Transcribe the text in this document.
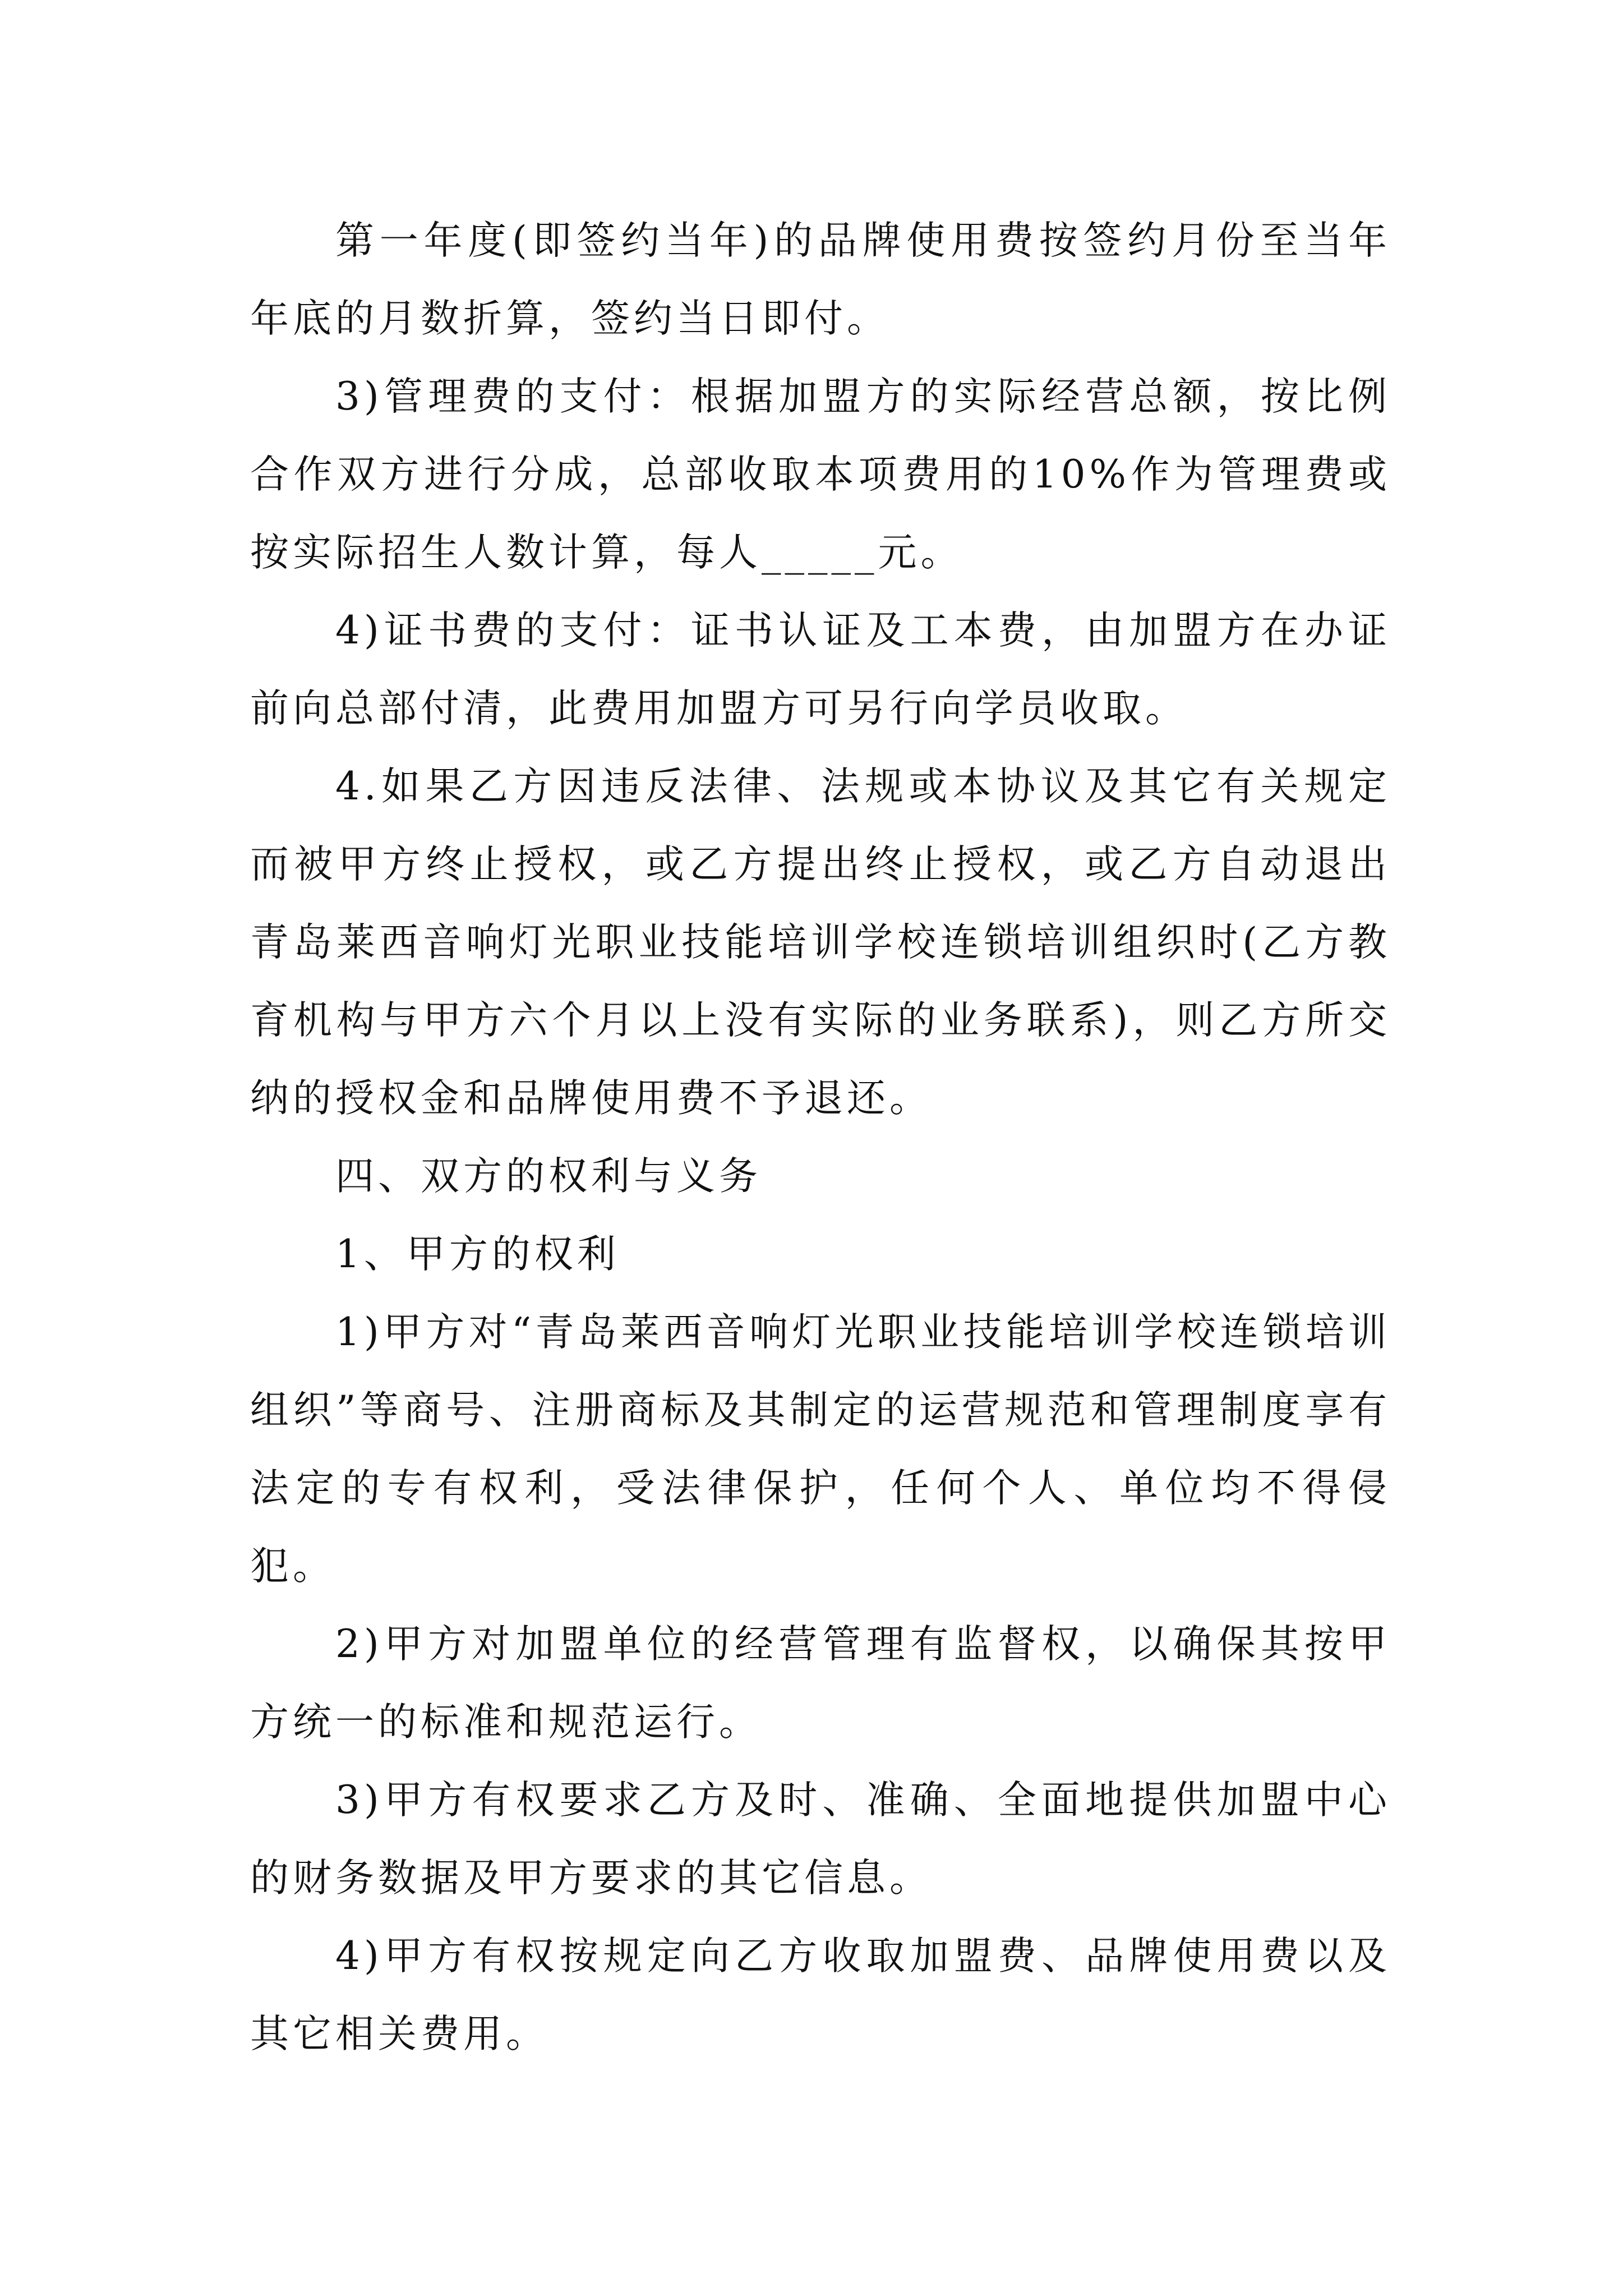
第一年度(即签约当年)的品牌使用费按签约月份至当年年底的月数折算，签约当日即付。

3)管理费的支付：根据加盟方的实际经营总额，按比例合作双方进行分成，总部收取本项费用的10%作为管理费或按实际招生人数计算，每人_____元。

4)证书费的支付：证书认证及工本费，由加盟方在办证前向总部付清，此费用加盟方可另行向学员收取。

4.如果乙方因违反法律、法规或本协议及其它有关规定而被甲方终止授权，或乙方提出终止授权，或乙方自动退出青岛莱西音响灯光职业技能培训学校连锁培训组织时(乙方教育机构与甲方六个月以上没有实际的业务联系)，则乙方所交纳的授权金和品牌使用费不予退还。

四、双方的权利与义务

1、甲方的权利

1)甲方对“青岛莱西音响灯光职业技能培训学校连锁培训组织”等商号、注册商标及其制定的运营规范和管理制度享有法定的专有权利，受法律保护，任何个人、单位均不得侵犯。

2)甲方对加盟单位的经营管理有监督权，以确保其按甲方统一的标准和规范运行。

3)甲方有权要求乙方及时、准确、全面地提供加盟中心的财务数据及甲方要求的其它信息。

4)甲方有权按规定向乙方收取加盟费、品牌使用费以及其它相关费用。
